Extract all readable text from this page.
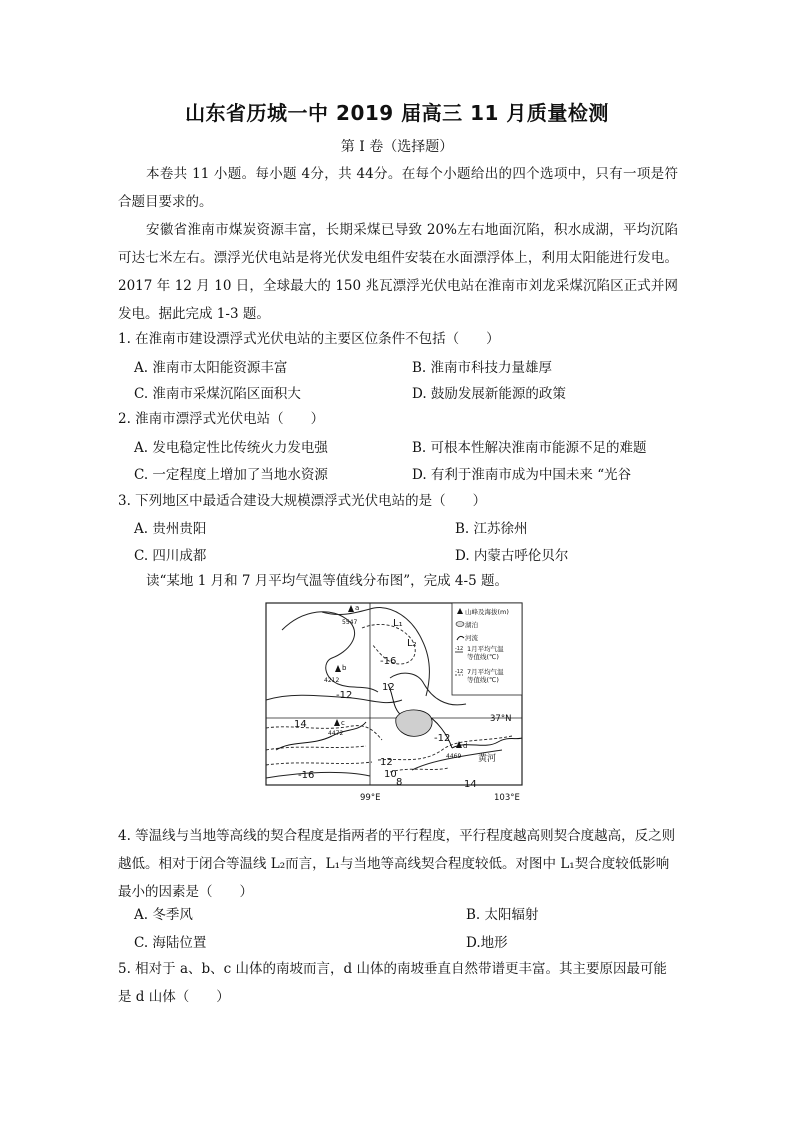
山东省历城一中 2019 届高三 11 月质量检测
第 I 卷（选择题）
本卷共 11 小题。每小题 4分，共 44分。在每个小题给出的四个选项中，只有一项是符合题目要求的。
安徽省淮南市煤炭资源丰富，长期采煤已导致 20%左右地面沉陷，积水成湖，平均沉陷可达七米左右。漂浮光伏电站是将光伏发电组件安装在水面漂浮体上，利用太阳能进行发电。2017 年 12 月 10 日，全球最大的 150 兆瓦漂浮光伏电站在淮南市刘龙采煤沉陷区正式并网发电。据此完成 1-3 题。
1. 在淮南市建设漂浮式光伏电站的主要区位条件不包括（　　）
A. 淮南市太阳能资源丰富	B. 淮南市科技力量雄厚
C. 淮南市采煤沉陷区面积大	D. 鼓励发展新能源的政策
2. 淮南市漂浮式光伏电站（　　）
A. 发电稳定性比传统火力发电强	B. 可根本性解决淮南市能源不足的难题
C. 一定程度上增加了当地水资源	D. 有利于淮南市成为中国未来 “光谷
3. 下列地区中最适合建设大规模漂浮式光伏电站的是（　　）
A. 贵州贵阳	B. 江苏徐州
C. 四川成都	D. 内蒙古呼伦贝尔
读“某地 1 月和 7 月平均气温等值线分布图”，完成 4-5 题。
山峰及海拔(m)
湖泊
河流
-12 1月平均气温
等值线(℃)
-12 7月平均气温
等值线(℃)
a
5547
b
4212
c
4472
d
4469
L₁
L₂
-16
-12
12
14
-12
12
10
8
-16
14
黄河
37°N
99°E	103°E
4. 等温线与当地等高线的契合程度是指两者的平行程度，平行程度越高则契合度越高，反之则越低。相对于闭合等温线 L₂而言，L₁与当地等高线契合程度较低。对图中 L₁契合度较低影响最小的因素是（　　）
A. 冬季风	B. 太阳辐射
C. 海陆位置	D.地形
5. 相对于 a、b、c 山体的南坡而言，d 山体的南坡垂直自然带谱更丰富。其主要原因最可能是 d 山体（　　）
